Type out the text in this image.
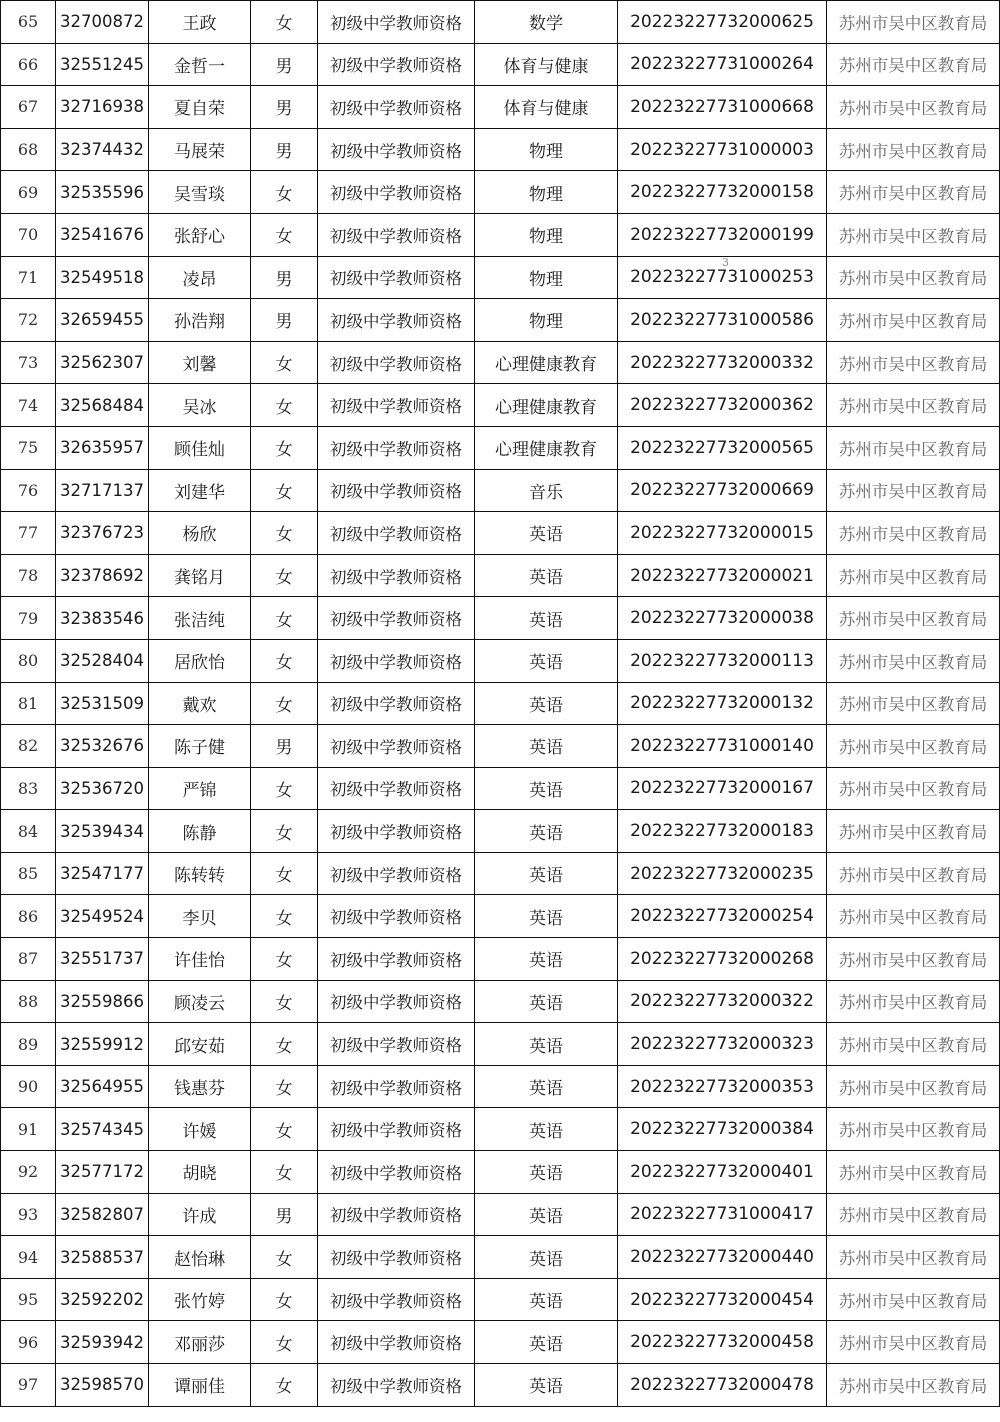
65	32700872	王政	女	初级中学教师资格	数学	20223227732000625	苏州市吴中区教育局
66	32551245	金哲一	男	初级中学教师资格	体育与健康	20223227731000264	苏州市吴中区教育局
67	32716938	夏自荣	男	初级中学教师资格	体育与健康	20223227731000668	苏州市吴中区教育局
68	32374432	马展荣	男	初级中学教师资格	物理	20223227731000003	苏州市吴中区教育局
69	32535596	吴雪琰	女	初级中学教师资格	物理	20223227732000158	苏州市吴中区教育局
70	32541676	张舒心	女	初级中学教师资格	物理	20223227732000199	苏州市吴中区教育局
71	32549518	凌昂	男	初级中学教师资格	物理	20223227731000253	苏州市吴中区教育局
72	32659455	孙浩翔	男	初级中学教师资格	物理	20223227731000586	苏州市吴中区教育局
73	32562307	刘馨	女	初级中学教师资格	心理健康教育	20223227732000332	苏州市吴中区教育局
74	32568484	吴冰	女	初级中学教师资格	心理健康教育	20223227732000362	苏州市吴中区教育局
75	32635957	顾佳灿	女	初级中学教师资格	心理健康教育	20223227732000565	苏州市吴中区教育局
76	32717137	刘建华	女	初级中学教师资格	音乐	20223227732000669	苏州市吴中区教育局
77	32376723	杨欣	女	初级中学教师资格	英语	20223227732000015	苏州市吴中区教育局
78	32378692	龚铭月	女	初级中学教师资格	英语	20223227732000021	苏州市吴中区教育局
79	32383546	张洁纯	女	初级中学教师资格	英语	20223227732000038	苏州市吴中区教育局
80	32528404	居欣怡	女	初级中学教师资格	英语	20223227732000113	苏州市吴中区教育局
81	32531509	戴欢	女	初级中学教师资格	英语	20223227732000132	苏州市吴中区教育局
82	32532676	陈子健	男	初级中学教师资格	英语	20223227731000140	苏州市吴中区教育局
83	32536720	严锦	女	初级中学教师资格	英语	20223227732000167	苏州市吴中区教育局
84	32539434	陈静	女	初级中学教师资格	英语	20223227732000183	苏州市吴中区教育局
85	32547177	陈转转	女	初级中学教师资格	英语	20223227732000235	苏州市吴中区教育局
86	32549524	李贝	女	初级中学教师资格	英语	20223227732000254	苏州市吴中区教育局
87	32551737	许佳怡	女	初级中学教师资格	英语	20223227732000268	苏州市吴中区教育局
88	32559866	顾凌云	女	初级中学教师资格	英语	20223227732000322	苏州市吴中区教育局
89	32559912	邱安茹	女	初级中学教师资格	英语	20223227732000323	苏州市吴中区教育局
90	32564955	钱惠芬	女	初级中学教师资格	英语	20223227732000353	苏州市吴中区教育局
91	32574345	许媛	女	初级中学教师资格	英语	20223227732000384	苏州市吴中区教育局
92	32577172	胡晓	女	初级中学教师资格	英语	20223227732000401	苏州市吴中区教育局
93	32582807	许成	男	初级中学教师资格	英语	20223227731000417	苏州市吴中区教育局
94	32588537	赵怡琳	女	初级中学教师资格	英语	20223227732000440	苏州市吴中区教育局
95	32592202	张竹婷	女	初级中学教师资格	英语	20223227732000454	苏州市吴中区教育局
96	32593942	邓丽莎	女	初级中学教师资格	英语	20223227732000458	苏州市吴中区教育局
97	32598570	谭丽佳	女	初级中学教师资格	英语	20223227732000478	苏州市吴中区教育局
3
